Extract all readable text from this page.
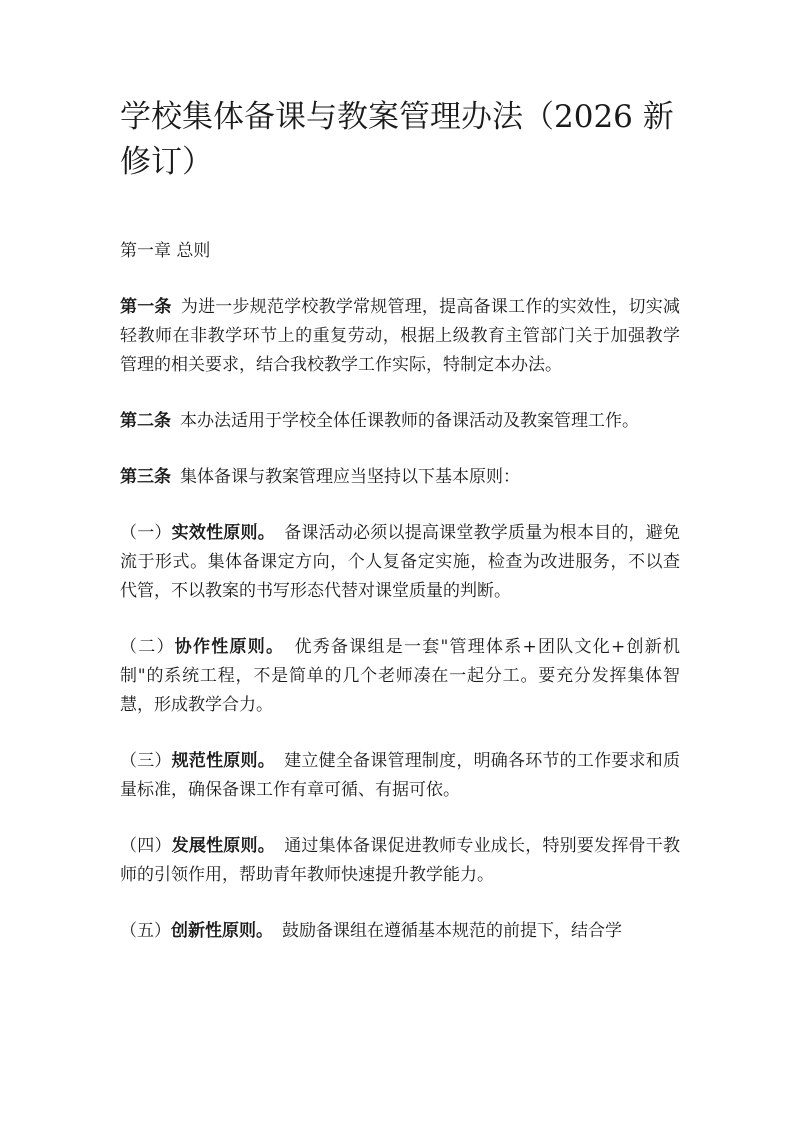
学校集体备课与教案管理办法（2026 新修订）

第一章 总则

第一条 为进一步规范学校教学常规管理，提高备课工作的实效性，切实减轻教师在非教学环节上的重复劳动，根据上级教育主管部门关于加强教学管理的相关要求，结合我校教学工作实际，特制定本办法。

第二条 本办法适用于学校全体任课教师的备课活动及教案管理工作。

第三条 集体备课与教案管理应当坚持以下基本原则：

（一）实效性原则。 备课活动必须以提高课堂教学质量为根本目的，避免流于形式。集体备课定方向，个人复备定实施，检查为改进服务，不以查代管，不以教案的书写形态代替对课堂质量的判断。

（二）协作性原则。 优秀备课组是一套"管理体系+团队文化+创新机制"的系统工程，不是简单的几个老师凑在一起分工。要充分发挥集体智慧，形成教学合力。

（三）规范性原则。 建立健全备课管理制度，明确各环节的工作要求和质量标准，确保备课工作有章可循、有据可依。

（四）发展性原则。 通过集体备课促进教师专业成长，特别要发挥骨干教师的引领作用，帮助青年教师快速提升教学能力。

（五）创新性原则。 鼓励备课组在遵循基本规范的前提下，结合学
